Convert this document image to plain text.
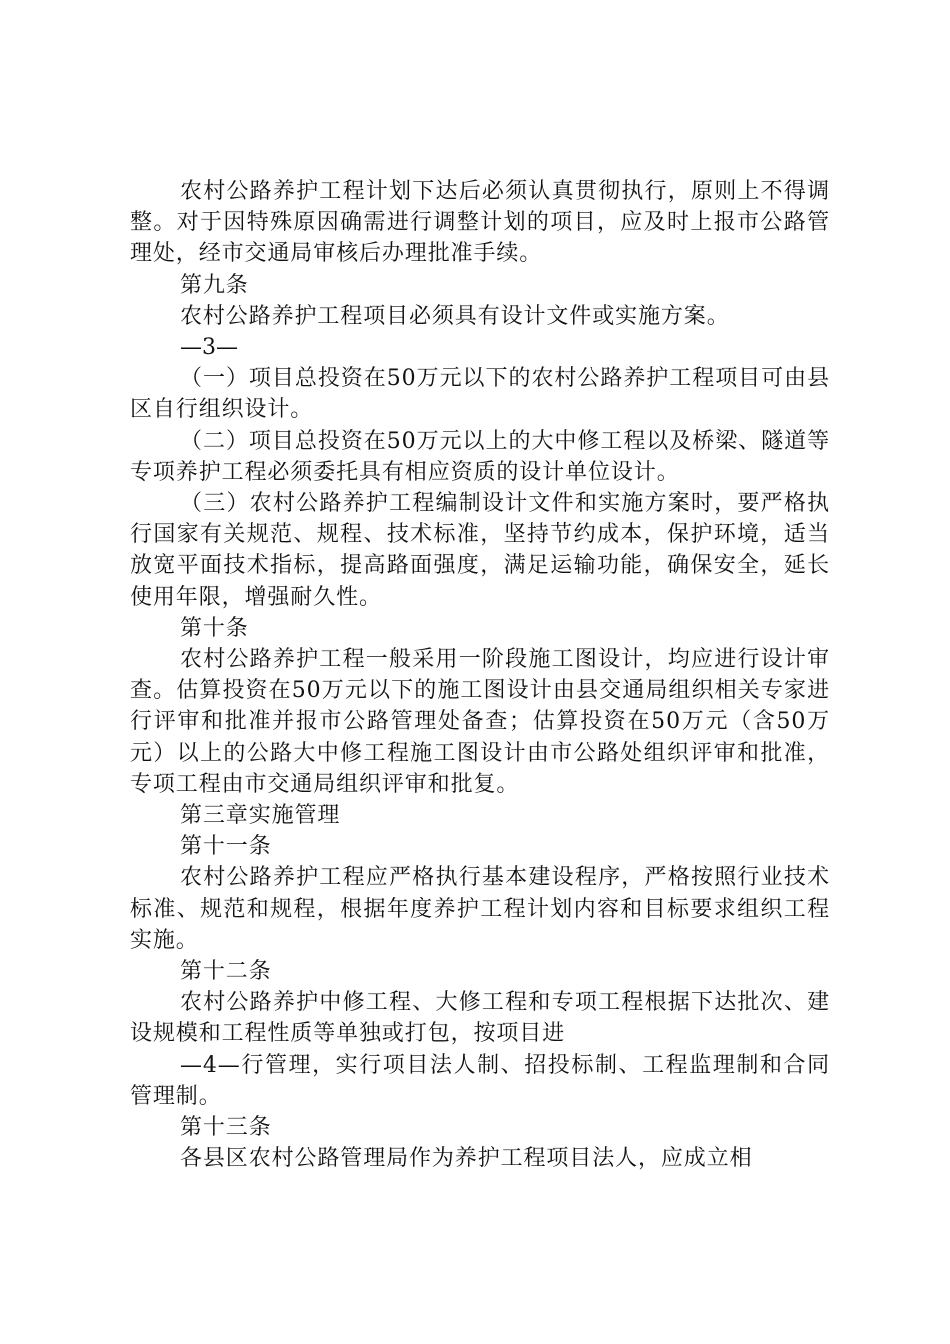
农村公路养护工程计划下达后必须认真贯彻执行，原则上不得调整。对于因特殊原因确需进行调整计划的项目，应及时上报市公路管理处，经市交通局审核后办理批准手续。

第九条

农村公路养护工程项目必须具有设计文件或实施方案。

—3—

（一）项目总投资在50万元以下的农村公路养护工程项目可由县区自行组织设计。

（二）项目总投资在50万元以上的大中修工程以及桥梁、隧道等专项养护工程必须委托具有相应资质的设计单位设计。

（三）农村公路养护工程编制设计文件和实施方案时，要严格执行国家有关规范、规程、技术标准，坚持节约成本，保护环境，适当放宽平面技术指标，提高路面强度，满足运输功能，确保安全，延长使用年限，增强耐久性。

第十条

农村公路养护工程一般采用一阶段施工图设计，均应进行设计审查。估算投资在50万元以下的施工图设计由县交通局组织相关专家进行评审和批准并报市公路管理处备查；估算投资在50万元（含50万元）以上的公路大中修工程施工图设计由市公路处组织评审和批准，专项工程由市交通局组织评审和批复。

第三章实施管理

第十一条

农村公路养护工程应严格执行基本建设程序，严格按照行业技术标准、规范和规程，根据年度养护工程计划内容和目标要求组织工程实施。

第十二条

农村公路养护中修工程、大修工程和专项工程根据下达批次、建设规模和工程性质等单独或打包，按项目进

—4—行管理，实行项目法人制、招投标制、工程监理制和合同管理制。

第十三条

各县区农村公路管理局作为养护工程项目法人，应成立相
